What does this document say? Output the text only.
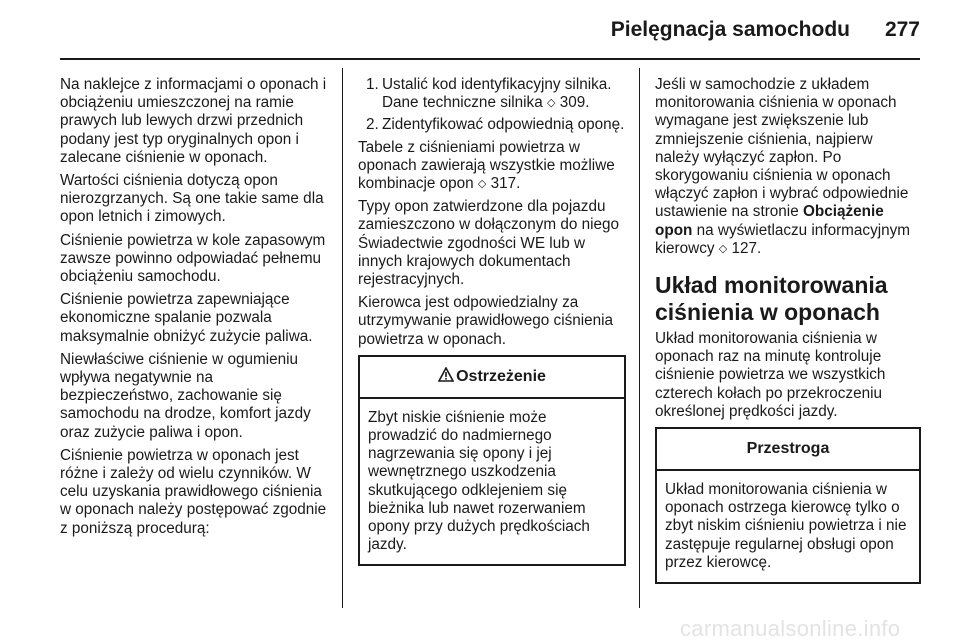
Pielęgnacja samochodu 277

Na naklejce z informacjami o oponach i obciążeniu umieszczonej na ramie prawych lub lewych drzwi przednich podany jest typ oryginalnych opon i zalecane ciśnienie w oponach.

Wartości ciśnienia dotyczą opon nierozgrzanych. Są one takie same dla opon letnich i zimowych.

Ciśnienie powietrza w kole zapasowym zawsze powinno odpowiadać pełnemu obciążeniu samochodu.

Ciśnienie powietrza zapewniające ekonomiczne spalanie pozwala maksymalnie obniżyć zużycie paliwa.

Niewłaściwe ciśnienie w ogumieniu wpływa negatywnie na bezpieczeństwo, zachowanie się samochodu na drodze, komfort jazdy oraz zużycie paliwa i opon.

Ciśnienie powietrza w oponach jest różne i zależy od wielu czynników. W celu uzyskania prawidłowego ciśnienia w oponach należy postępować zgodnie z poniższą procedurą:

1. Ustalić kod identyfikacyjny silnika. Dane techniczne silnika ◇ 309.
2. Zidentyfikować odpowiednią oponę.

Tabele z ciśnieniami powietrza w oponach zawierają wszystkie możliwe kombinacje opon ◇ 317.

Typy opon zatwierdzone dla pojazdu zamieszczono w dołączonym do niego Świadectwie zgodności WE lub w innych krajowych dokumentach rejestracyjnych.

Kierowca jest odpowiedzialny za utrzymywanie prawidłowego ciśnienia powietrza w oponach.

Ostrzeżenie
Zbyt niskie ciśnienie może prowadzić do nadmiernego nagrzewania się opony i jej wewnętrznego uszkodzenia skutkującego odklejeniem się bieżnika lub nawet rozerwaniem opony przy dużych prędkościach jazdy.

Jeśli w samochodzie z układem monitorowania ciśnienia w oponach wymagane jest zwiększenie lub zmniejszenie ciśnienia, najpierw należy wyłączyć zapłon. Po skorygowaniu ciśnienia w oponach włączyć zapłon i wybrać odpowiednie ustawienie na stronie Obciążenie opon na wyświetlaczu informacyjnym kierowcy ◇ 127.

Układ monitorowania ciśnienia w oponach

Układ monitorowania ciśnienia w oponach raz na minutę kontroluje ciśnienie powietrza we wszystkich czterech kołach po przekroczeniu określonej prędkości jazdy.

Przestroga
Układ monitorowania ciśnienia w oponach ostrzega kierowcę tylko o zbyt niskim ciśnieniu powietrza i nie zastępuje regularnej obsługi opon przez kierowcę.
carmanualsonline.info
